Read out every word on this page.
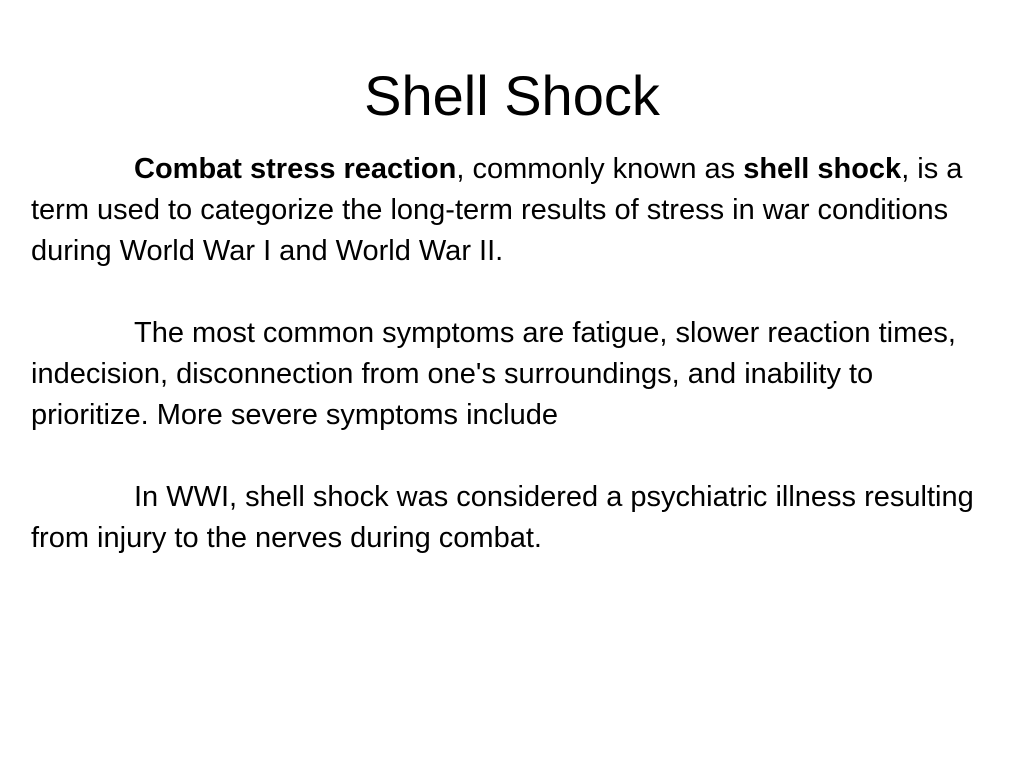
Shell Shock

Combat stress reaction, commonly known as shell shock, is a term used to categorize the long-term results of stress in war conditions during World War I and World War II.

The most common symptoms are fatigue, slower reaction times, indecision, disconnection from one's surroundings, and inability to prioritize. More severe symptoms include

In WWI, shell shock was considered a psychiatric illness resulting from injury to the nerves during combat.
